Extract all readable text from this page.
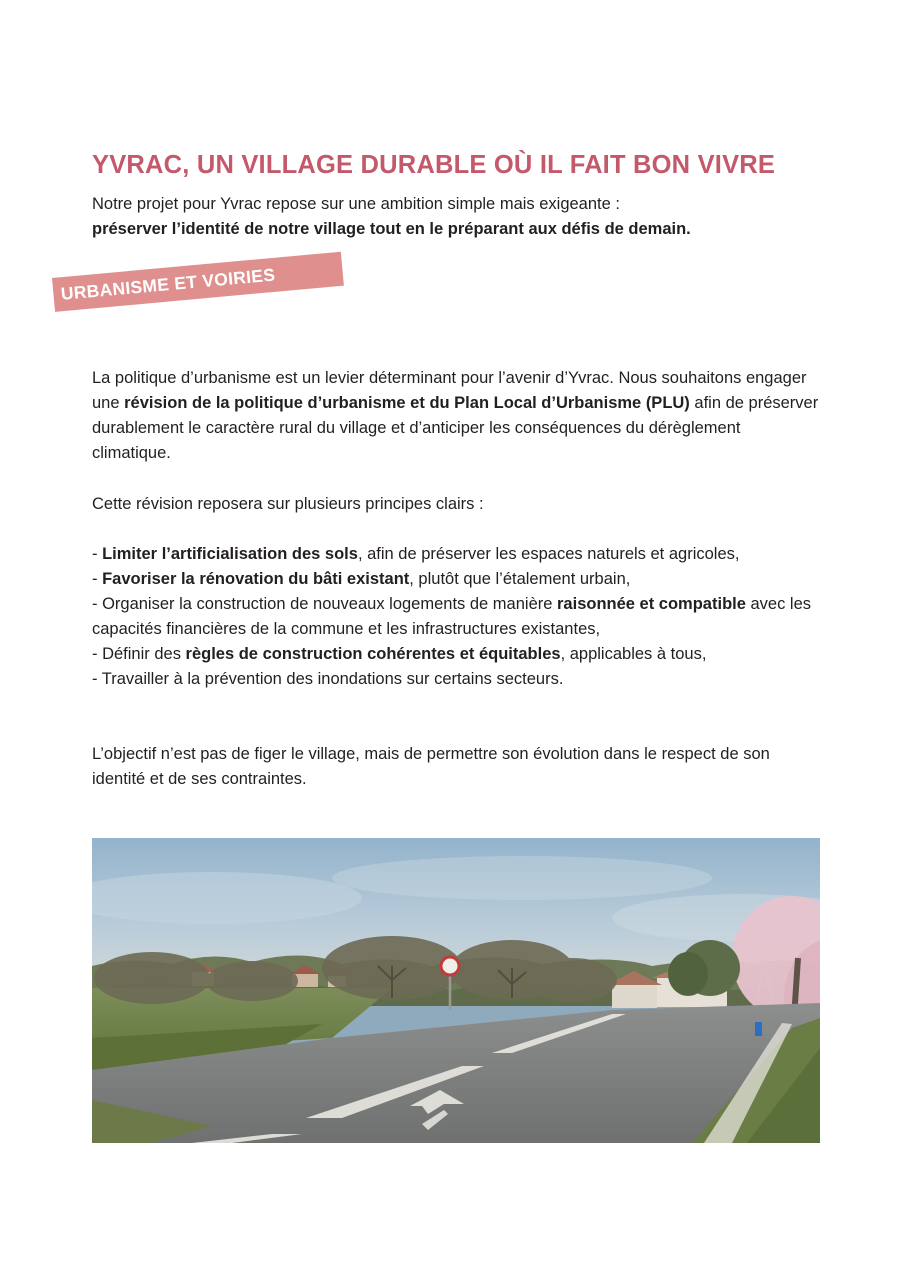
YVRAC, UN VILLAGE DURABLE OÙ IL FAIT BON VIVRE
Notre projet pour Yvrac repose sur une ambition simple mais exigeante :
préserver l’identité de notre village tout en le préparant aux défis de demain.
URBANISME ET VOIRIES
La politique d’urbanisme est un levier déterminant pour l’avenir d’Yvrac. Nous souhaitons engager une révision de la politique d’urbanisme et du Plan Local d’Urbanisme (PLU) afin de préserver durablement le caractère rural du village et d’anticiper les conséquences du dérèglement climatique.
Cette révision reposera sur plusieurs principes clairs :
- Limiter l’artificialisation des sols, afin de préserver les espaces naturels et agricoles,
- Favoriser la rénovation du bâti existant, plutôt que l’étalement urbain,
- Organiser la construction de nouveaux logements de manière raisonnée et compatible avec les capacités financières de la commune et les infrastructures existantes,
- Définir des règles de construction cohérentes et équitables, applicables à tous,
- Travailler à la prévention des inondations sur certains secteurs.
L’objectif n’est pas de figer le village, mais de permettre son évolution dans le respect de son identité et de ses contraintes.
